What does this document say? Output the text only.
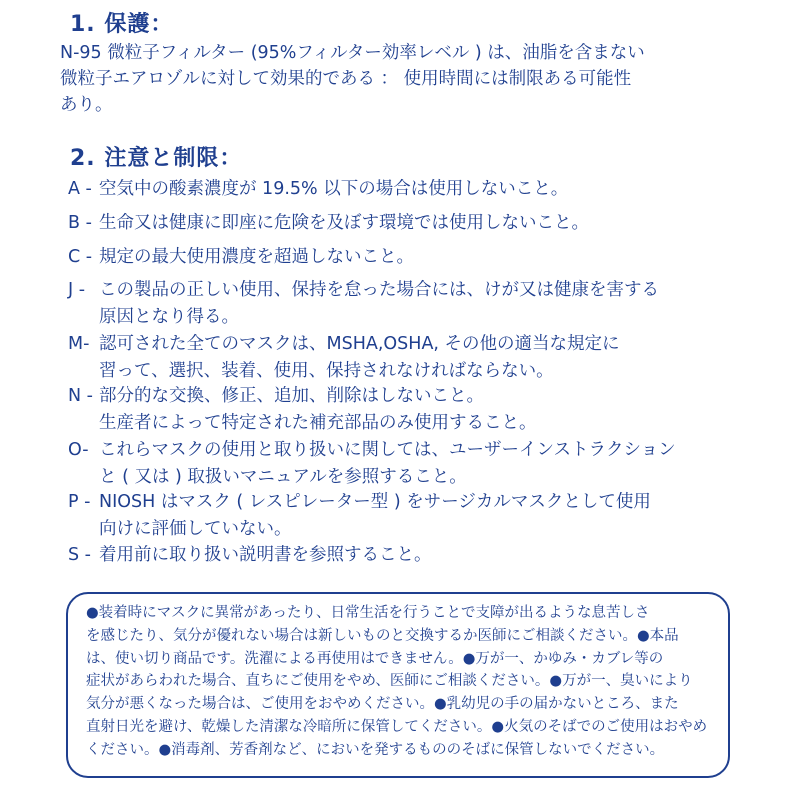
1. 保護：
N-95 微粒子フィルター (95%フィルター効率レベル ) は、油脂を含まない
微粒子エアロゾルに対して効果的である ： 使用時間には制限ある可能性
あり。
2. 注意と制限：
A - 空気中の酸素濃度が 19.5% 以下の場合は使用しないこと。
B - 生命又は健康に即座に危険を及ぼす環境では使用しないこと。
C - 規定の最大使用濃度を超過しないこと。
J - この製品の正しい使用、保持を怠った場合には、けが又は健康を害する
原因となり得る。
M- 認可された全てのマスクは、MSHA,OSHA, その他の適当な規定に
習って、選択、装着、使用、保持されなければならない。
N - 部分的な交換、修正、追加、削除はしないこと。
生産者によって特定された補充部品のみ使用すること。
O- これらマスクの使用と取り扱いに関しては、ユーザーインストラクション
と ( 又は ) 取扱いマニュアルを参照すること。
P - NIOSH はマスク ( レスピレーター型 ) をサージカルマスクとして使用
向けに評価していない。
S - 着用前に取り扱い説明書を参照すること。
●装着時にマスクに異常があったり、日常生活を行うことで支障が出るような息苦しさ
を感じたり、気分が優れない場合は新しいものと交換するか医師にご相談ください。●本品
は、使い切り商品です。洗濯による再使用はできません。●万が一、かゆみ・カブレ等の
症状があらわれた場合、直ちにご使用をやめ、医師にご相談ください。●万が一、臭いにより
気分が悪くなった場合は、ご使用をおやめください。●乳幼児の手の届かないところ、また
直射日光を避け、乾燥した清潔な冷暗所に保管してください。●火気のそばでのご使用はおやめ
ください。●消毒剤、芳香剤など、においを発するもののそばに保管しないでください。
